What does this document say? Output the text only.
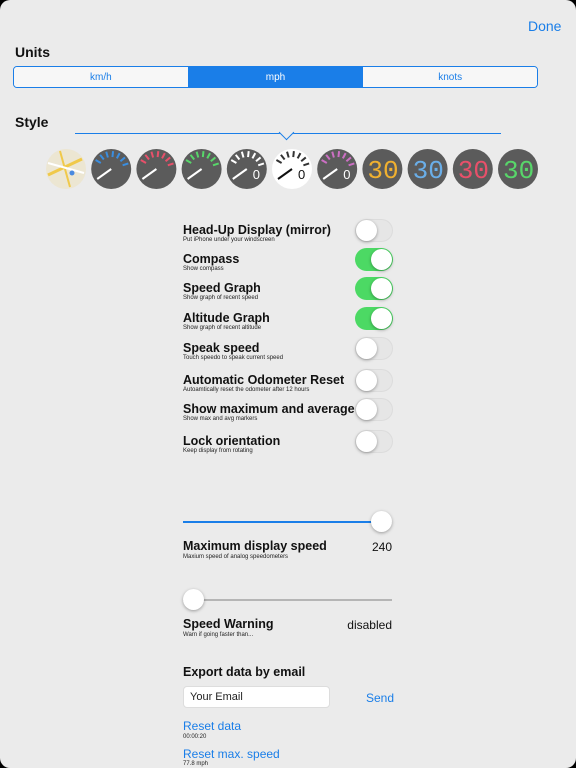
Done
Units
km/h	mph	knots
Style
0	0	0 30 30 30 30
Head-Up Display (mirror)
Put iPhone under your windscreen
Compass
Show compass
Speed Graph
Show graph of recent speed
Altitude Graph
Show graph of recent altitude
Speak speed
Touch speedo to speak current speed
Automatic Odometer Reset
Autoamtically reset the odometer after 12 hours
Show maximum and average
Show max and avg markers
Lock orientation
Keep display from rotating
Maximum display speed
Maxium speed of analog speedometers
240
Speed Warning
Warn if going faster than...
disabled
Export data by email
Your Email	Send
Reset data
00:00:20
Reset max. speed
77.8 mph
